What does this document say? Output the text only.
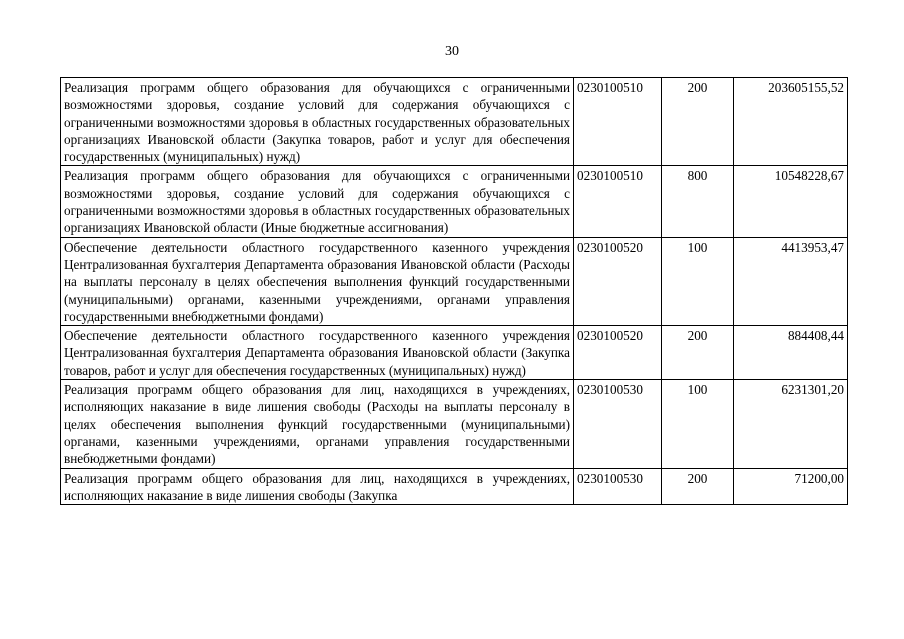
30
Реализация программ общего образования для обучающихся с ограниченными возможностями здоровья, создание условий для содержания обучающихся с ограниченными возможностями здоровья в областных государственных образовательных организациях Ивановской области (Закупка товаров, работ и услуг для обеспечения государственных (муниципальных) нужд)	0230100510	200	203605155,52
Реализация программ общего образования для обучающихся с ограниченными возможностями здоровья, создание условий для содержания обучающихся с ограниченными возможностями здоровья в областных государственных образовательных организациях Ивановской области (Иные бюджетные ассигнования)	0230100510	800	10548228,67
Обеспечение деятельности областного государственного казенного учреждения Централизованная бухгалтерия Департамента образования Ивановской области (Расходы на выплаты персоналу в целях обеспечения выполнения функций государственными (муниципальными) органами, казенными учреждениями, органами управления государственными внебюджетными фондами)	0230100520	100	4413953,47
Обеспечение деятельности областного государственного казенного учреждения Централизованная бухгалтерия Департамента образования Ивановской области (Закупка товаров, работ и услуг для обеспечения государственных (муниципальных) нужд)	0230100520	200	884408,44
Реализация программ общего образования для лиц, находящихся в учреждениях, исполняющих наказание в виде лишения свободы (Расходы на выплаты персоналу в целях обеспечения выполнения функций государственными (муниципальными) органами, казенными учреждениями, органами управления государственными внебюджетными фондами)	0230100530	100	6231301,20
Реализация программ общего образования для лиц, находящихся в учреждениях, исполняющих наказание в виде лишения свободы (Закупка	0230100530	200	71200,00
